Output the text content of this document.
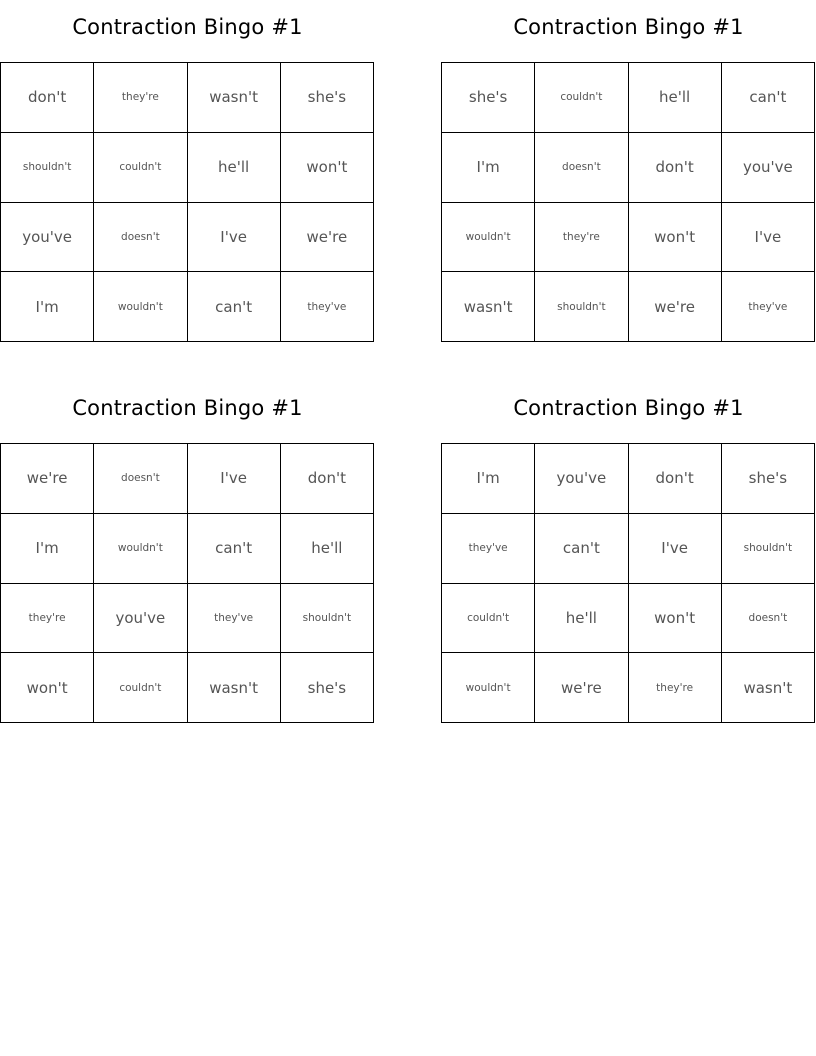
Contraction Bingo #1
don't	they're	wasn't	she's
shouldn't	couldn't	he'll	won't
you've	doesn't	I've	we're
I'm	wouldn't	can't	they've
Contraction Bingo #1
she's	couldn't	he'll	can't
I'm	doesn't	don't	you've
wouldn't	they're	won't	I've
wasn't	shouldn't	we're	they've
Contraction Bingo #1
we're	doesn't	I've	don't
I'm	wouldn't	can't	he'll
they're	you've	they've	shouldn't
won't	couldn't	wasn't	she's
Contraction Bingo #1
I'm	you've	don't	she's
they've	can't	I've	shouldn't
couldn't	he'll	won't	doesn't
wouldn't	we're	they're	wasn't
